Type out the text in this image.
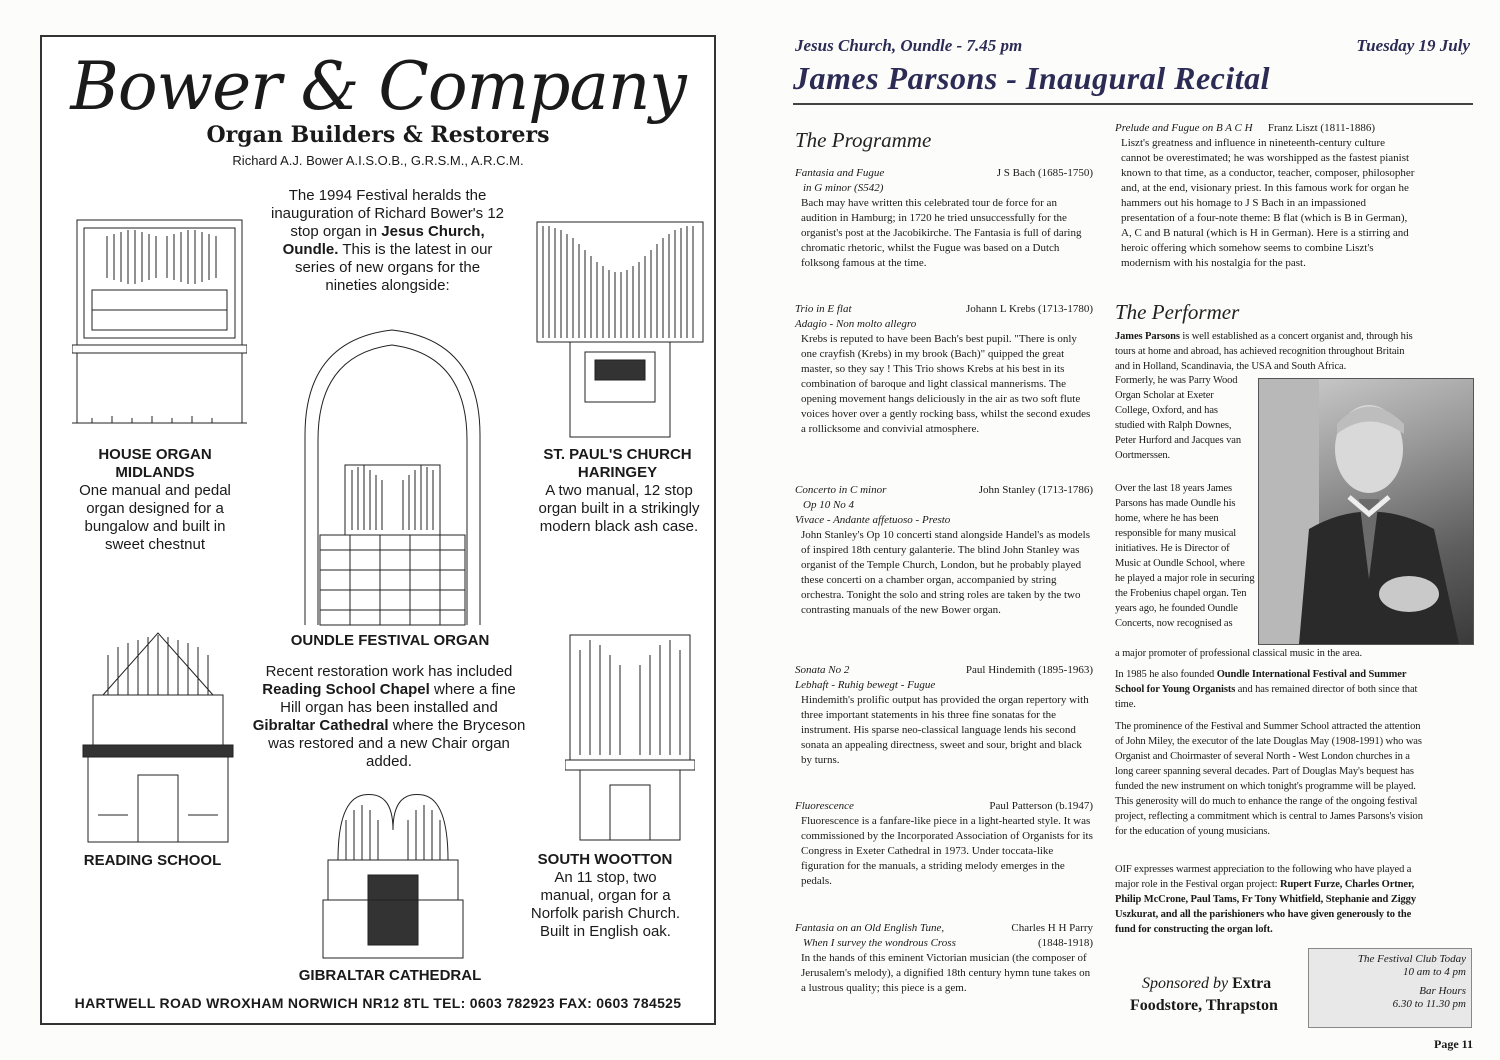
Bower & Company
Organ Builders & Restorers
Richard A.J. Bower A.I.S.O.B., G.R.S.M., A.R.C.M.
The 1994 Festival heralds the inauguration of Richard Bower's 12 stop organ in Jesus Church, Oundle. This is the latest in our series of new organs for the nineties alongside:
OUNDLE FESTIVAL ORGAN
HOUSE ORGAN
MIDLANDS
One manual and pedal organ designed for a bungalow and built in sweet chestnut
ST. PAUL'S CHURCH
HARINGEY
A two manual, 12 stop organ built in a strikingly modern black ash case.
Recent restoration work has included Reading School Chapel where a fine Hill organ has been installed and Gibraltar Cathedral where the Bryceson was restored and a new Chair organ added.
READING SCHOOL	SOUTH WOOTTON
An 11 stop, two manual, organ for a Norfolk parish Church. Built in English oak.
GIBRALTAR CATHEDRAL
HARTWELL ROAD WROXHAM NORWICH NR12 8TL TEL: 0603 782923 FAX: 0603 784525
Jesus Church, Oundle - 7.45 pm	Tuesday 19 July
James Parsons - Inaugural Recital
The Programme
Fantasia and Fugue	J S Bach (1685-1750)
in G minor (S542)
Bach may have written this celebrated tour de force for an audition in Hamburg; in 1720 he tried unsuccessfully for the organist's post at the Jacobikirche. The Fantasia is full of daring chromatic rhetoric, whilst the Fugue was based on a Dutch folksong famous at the time.
Trio in E flat	Johann L Krebs (1713-1780)
Adagio - Non molto allegro
Krebs is reputed to have been Bach's best pupil. "There is only one crayfish (Krebs) in my brook (Bach)" quipped the great master, so they say ! This Trio shows Krebs at his best in its combination of baroque and light classical mannerisms. The opening movement hangs deliciously in the air as two soft flute voices hover over a gently rocking bass, whilst the second exudes a rollicksome and convivial atmosphere.
Concerto in C minor	John Stanley (1713-1786)
Op 10 No 4
Vivace - Andante affetuoso - Presto
John Stanley's Op 10 concerti stand alongside Handel's as models of inspired 18th century galanterie. The blind John Stanley was organist of the Temple Church, London, but he probably played these concerti on a chamber organ, accompanied by string orchestra. Tonight the solo and string roles are taken by the two contrasting manuals of the new Bower organ.
Sonata No 2	Paul Hindemith (1895-1963)
Lebhaft - Ruhig bewegt - Fugue
Hindemith's prolific output has provided the organ repertory with three important statements in his three fine sonatas for the instrument. His sparse neo-classical language lends his second sonata an appealing directness, sweet and sour, bright and black by turns.
Fluorescence	Paul Patterson (b.1947)
Fluorescence is a fanfare-like piece in a light-hearted style. It was commissioned by the Incorporated Association of Organists for its Congress in Exeter Cathedral in 1973. Under toccata-like figuration for the manuals, a striding melody emerges in the pedals.
Fantasia on an Old English Tune,	Charles H H Parry
When I survey the wondrous Cross	(1848-1918)
In the hands of this eminent Victorian musician (the composer of Jerusalem's melody), a dignified 18th century hymn tune takes on a lustrous quality; this piece is a gem.
Prelude and Fugue on B A C H Franz Liszt (1811-1886)
Liszt's greatness and influence in nineteenth-century culture cannot be overestimated; he was worshipped as the fastest pianist known to that time, as a conductor, teacher, composer, philosopher and, at the end, visionary priest. In this famous work for organ he hammers out his homage to J S Bach in an impassioned presentation of a four-note theme: B flat (which is B in German), A, C and B natural (which is H in German). Here is a stirring and heroic offering which somehow seems to combine Liszt's modernism with his nostalgia for the past.
The Performer
James Parsons is well established as a concert organist and, through his tours at home and abroad, has achieved recognition throughout Britain and in Holland, Scandinavia, the USA and South Africa.
Formerly, he was Parry Wood Organ Scholar at Exeter College, Oxford, and has studied with Ralph Downes, Peter Hurford and Jacques van Oortmerssen.
Over the last 18 years James Parsons has made Oundle his home, where he has been responsible for many musical initiatives. He is Director of Music at Oundle School, where he played a major role in securing the Frobenius chapel organ. Ten years ago, he founded Oundle Concerts, now recognised as
a major promoter of professional classical music in the area.
In 1985 he also founded Oundle International Festival and Summer School for Young Organists and has remained director of both since that time.
The prominence of the Festival and Summer School attracted the attention of John Miley, the executor of the late Douglas May (1908-1991) who was Organist and Choirmaster of several North - West London churches in a long career spanning several decades. Part of Douglas May's bequest has funded the new instrument on which tonight's programme will be played. This generosity will do much to enhance the range of the ongoing festival project, reflecting a commitment which is central to James Parsons's vision for the education of young musicians.
OIF expresses warmest appreciation to the following who have played a major role in the Festival organ project: Rupert Furze, Charles Ortner, Philip McCrone, Paul Tams, Fr Tony Whitfield, Stephanie and Ziggy Uszkurat, and all the parishioners who have given generously to the fund for constructing the organ loft.
Sponsored by Extra
Foodstore, Thrapston
The Festival Club Today
10 am to 4 pm
Bar Hours
6.30 to 11.30 pm
Page 11
